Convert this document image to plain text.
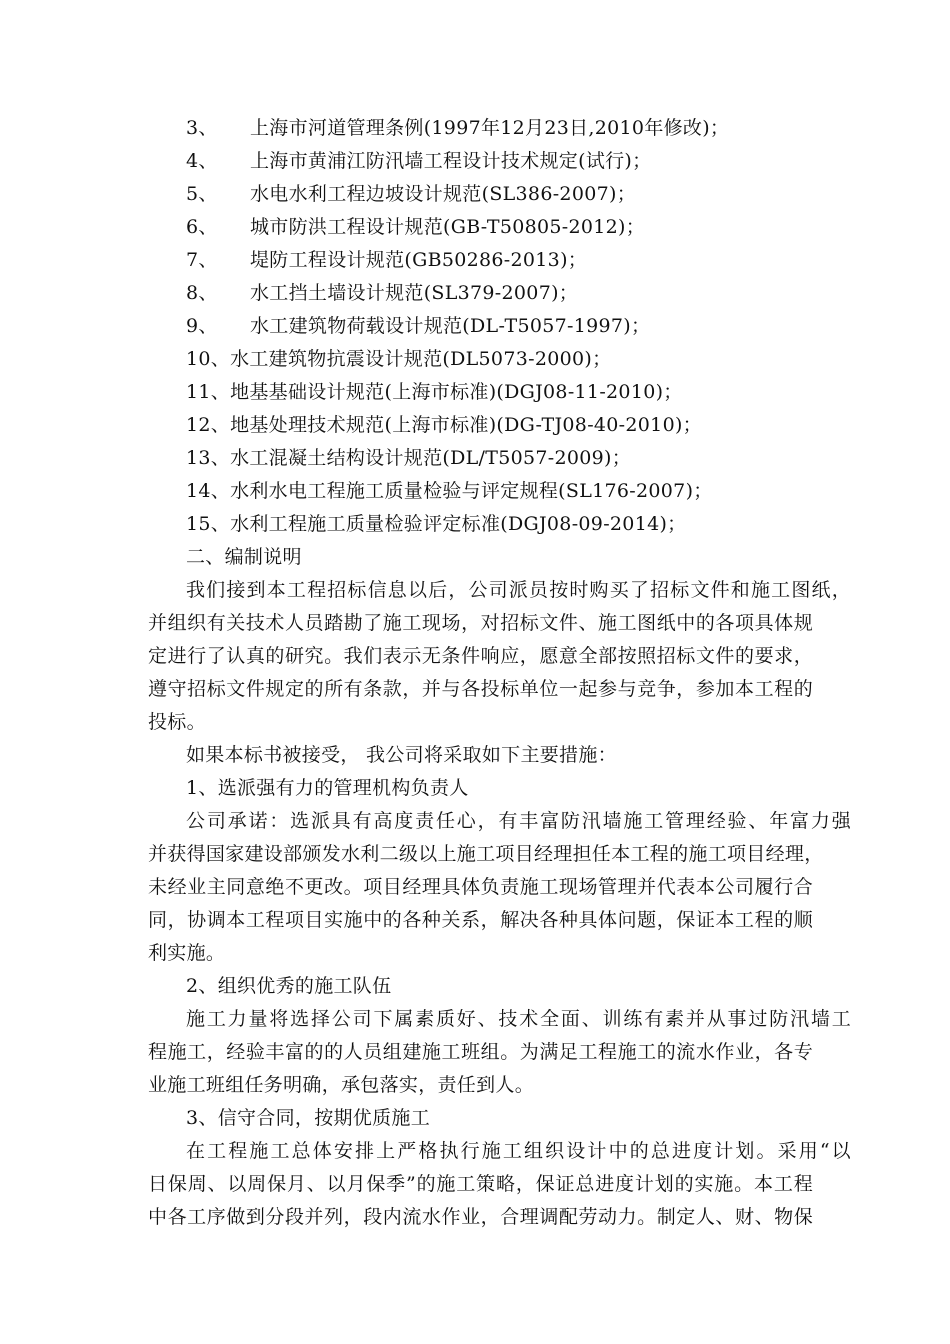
3、 上海市河道管理条例(1997年12月23日,2010年修改)；
4、 上海市黄浦江防汛墙工程设计技术规定(试行)；
5、 水电水利工程边坡设计规范(SL386-2007)；
6、 城市防洪工程设计规范(GB-T50805-2012)；
7、 堤防工程设计规范(GB50286-2013)；
8、 水工挡土墙设计规范(SL379-2007)；
9、 水工建筑物荷载设计规范(DL-T5057-1997)；
10、水工建筑物抗震设计规范(DL5073-2000)；
11、地基基础设计规范(上海市标准)(DGJ08-11-2010)；
12、地基处理技术规范(上海市标准)(DG-TJ08-40-2010)；
13、水工混凝土结构设计规范(DL/T5057-2009)；
14、水利水电工程施工质量检验与评定规程(SL176-2007)；
15、水利工程施工质量检验评定标准(DGJ08-09-2014)；
二、编制说明
我们接到本工程招标信息以后，公司派员按时购买了招标文件和施工图纸，
并组织有关技术人员踏勘了施工现场，对招标文件、施工图纸中的各项具体规
定进行了认真的研究。我们表示无条件响应，愿意全部按照招标文件的要求，
遵守招标文件规定的所有条款，并与各投标单位一起参与竞争，参加本工程的
投标。
如果本标书被接受， 我公司将采取如下主要措施：
1、选派强有力的管理机构负责人
公司承诺：选派具有高度责任心，有丰富防汛墙施工管理经验、年富力强
并获得国家建设部颁发水利二级以上施工项目经理担任本工程的施工项目经理，
未经业主同意绝不更改。项目经理具体负责施工现场管理并代表本公司履行合
同，协调本工程项目实施中的各种关系，解决各种具体问题，保证本工程的顺
利实施。
2、组织优秀的施工队伍
施工力量将选择公司下属素质好、技术全面、训练有素并从事过防汛墙工
程施工，经验丰富的的人员组建施工班组。为满足工程施工的流水作业，各专
业施工班组任务明确，承包落实，责任到人。
3、信守合同，按期优质施工
在工程施工总体安排上严格执行施工组织设计中的总进度计划。采用“以
日保周、以周保月、以月保季”的施工策略，保证总进度计划的实施。本工程
中各工序做到分段并列，段内流水作业，合理调配劳动力。制定人、财、物保
